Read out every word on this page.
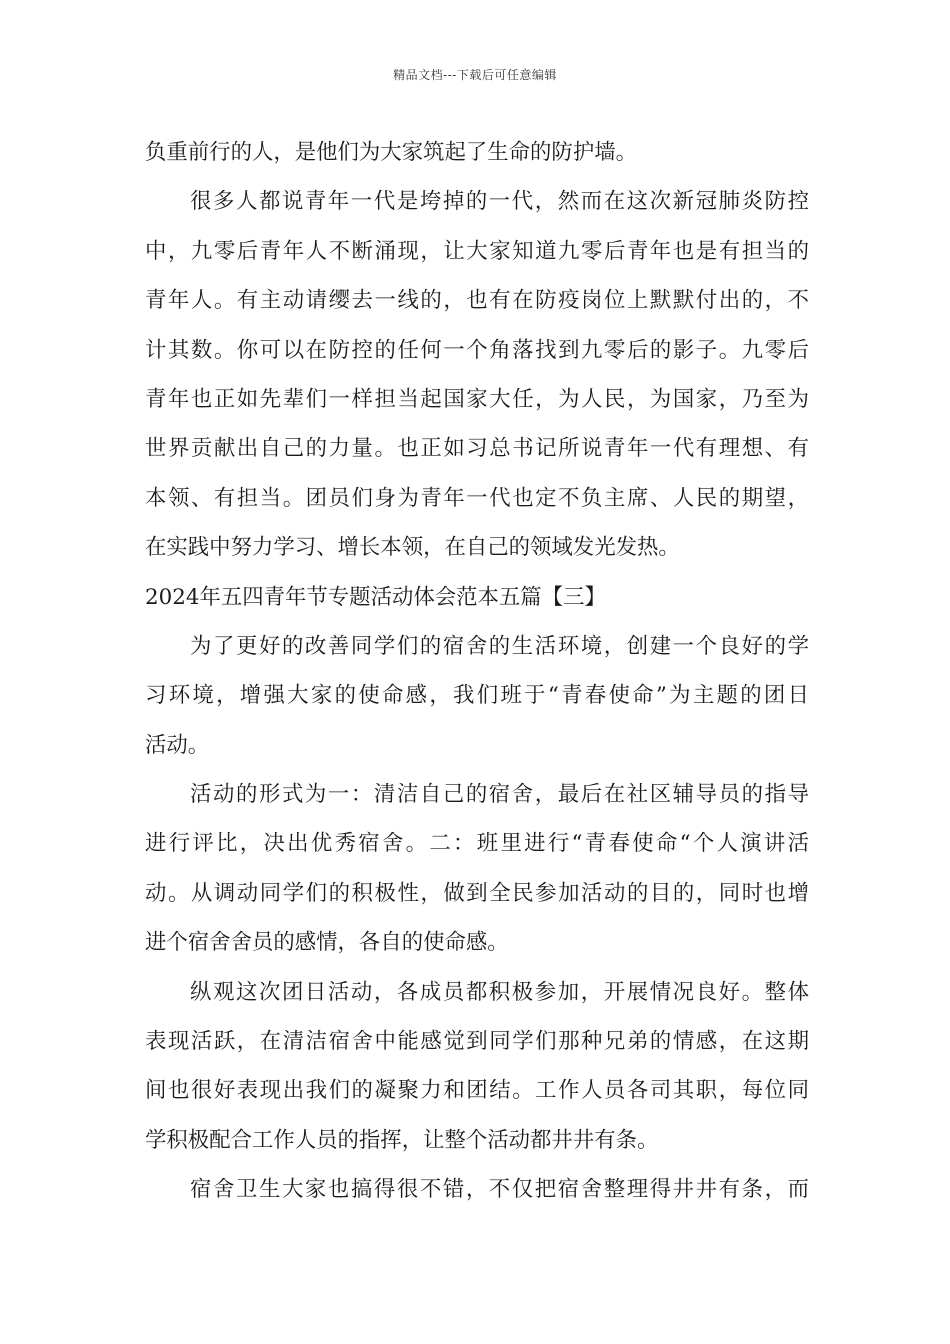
精品文档---下载后可任意编辑
负重前行的人，是他们为大家筑起了生命的防护墙。
很多人都说青年一代是垮掉的一代，然而在这次新冠肺炎防控
中，九零后青年人不断涌现，让大家知道九零后青年也是有担当的
青年人。有主动请缨去一线的，也有在防疫岗位上默默付出的，不
计其数。你可以在防控的任何一个角落找到九零后的影子。九零后
青年也正如先辈们一样担当起国家大任，为人民，为国家，乃至为
世界贡献出自己的力量。也正如习总书记所说青年一代有理想、有
本领、有担当。团员们身为青年一代也定不负主席、人民的期望，
在实践中努力学习、增长本领，在自己的领域发光发热。
2024年五四青年节专题活动体会范本五篇【三】
为了更好的改善同学们的宿舍的生活环境，创建一个良好的学
习环境，增强大家的使命感，我们班于“青春使命”为主题的团日
活动。
活动的形式为一：清洁自己的宿舍，最后在社区辅导员的指导
进行评比，决出优秀宿舍。二：班里进行“青春使命“个人演讲活
动。从调动同学们的积极性，做到全民参加活动的目的，同时也增
进个宿舍舍员的感情，各自的使命感。
纵观这次团日活动，各成员都积极参加，开展情况良好。整体
表现活跃，在清洁宿舍中能感觉到同学们那种兄弟的情感，在这期
间也很好表现出我们的凝聚力和团结。工作人员各司其职，每位同
学积极配合工作人员的指挥，让整个活动都井井有条。
宿舍卫生大家也搞得很不错，不仅把宿舍整理得井井有条，而
